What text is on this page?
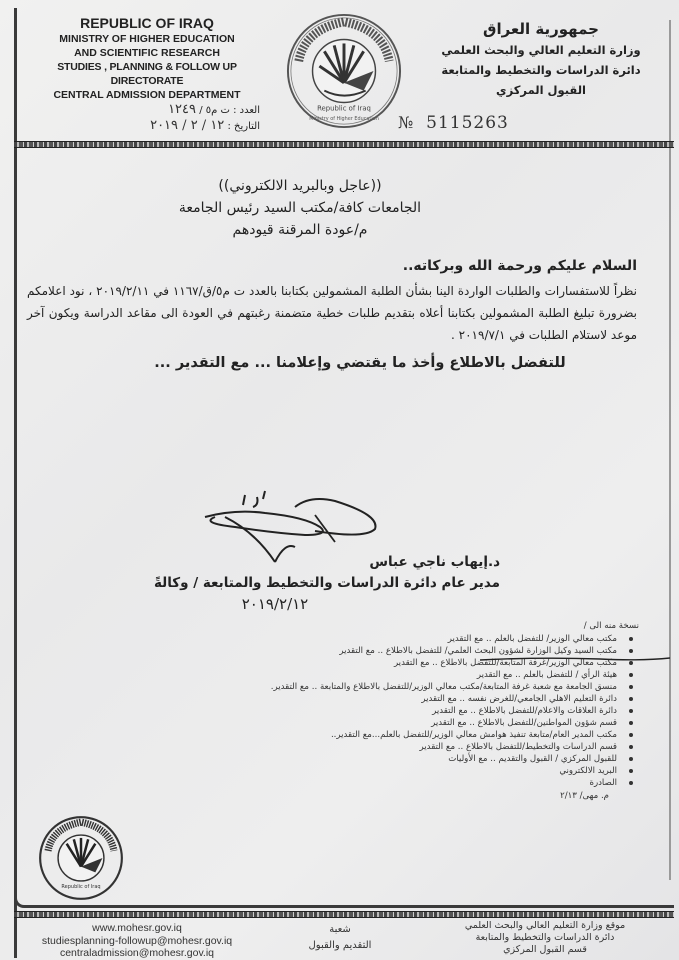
REPUBLIC OF IRAQ
MINISTRY OF HIGHER EDUCATION
AND SCIENTIFIC RESEARCH
STUDIES , PLANNING & FOLLOW UP DIRECTORATE
CENTRAL ADMISSION DEPARTMENT
العدد : ت م٥ / ١٢٤٩
التاريخ : ١٢ / ٢ / ٢٠١٩
Republic of Iraq
Ministry of Higher Education
جمهورية العراق
وزارة التعليم العالي والبحث العلمي
دائرة الدراسات والتخطيط والمتابعة
القبول المركزي
№ 5115263
((عاجل وبالبريد الالكتروني))
الجامعات كافة/مكتب السيد رئيس الجامعة
م/عودة المرقنة قيودهم
السلام عليكم ورحمة الله وبركاته..
نظراً للاستفسارات والطلبات الواردة الينا بشأن الطلبة المشمولين بكتابنا بالعدد ت م٥/ق/١١٦٧ في ٢٠١٩/٢/١١ ، نود اعلامكم بضرورة تبليغ الطلبة المشمولين بكتابنا أعلاه بتقديم طلبات خطية متضمنة رغبتهم في العودة الى مقاعد الدراسة ويكون آخر موعد لاستلام الطلبات في ٢٠١٩/٧/١ .
للتفضل بالاطلاع وأخذ ما يقتضي وإعلامنا ... مع التقدير ...
د.إيهاب ناجي عباس
مدير عام دائرة الدراسات والتخطيط والمتابعة / وكالةً
٢٠١٩/٢/١٢
نسخة منه الى /
مكتب معالي الوزير/ للتفضل بالعلم .. مع التقدير
مكتب السيد وكيل الوزارة لشؤون البحث العلمي/ للتفضل بالاطلاع .. مع التقدير
مكتب معالي الوزير/غرفة المتابعة/للتفضل بالاطلاع .. مع التقدير
هيئة الرأي / للتفضل بالعلم .. مع التقدير
منسق الجامعة مع شعبة غرفة المتابعة/مكتب معالي الوزير/للتفضل بالاطلاع والمتابعة .. مع التقدير.
دائرة التعليم الاهلي الجامعي/للغرض نفسه .. مع التقدير
دائرة العلاقات والاعلام/للتفضل بالاطلاع .. مع التقدير
قسم شؤون المواطنين/للتفضل بالاطلاع .. مع التقدير
مكتب المدير العام/متابعة تنفيذ هوامش معالي الوزير/للتفضل بالعلم...مع التقدير..
قسم الدراسات والتخطيط/للتفضل بالاطلاع .. مع التقدير
للقبول المركزي / القبول والتقديم .. مع الأوليات
البريد الالكتروني
الصادرة
م. مهى/ ٢/١٣
Republic of Iraq
www.mohesr.gov.iq
studiesplanning-followup@mohesr.gov.iq
centraladmission@mohesr.gov.iq
شعبة
التقديم والقبول
موقع وزارة التعليم العالي والبحث العلمي
دائرة الدراسات والتخطيط والمتابعة
قسم القبول المركزي
